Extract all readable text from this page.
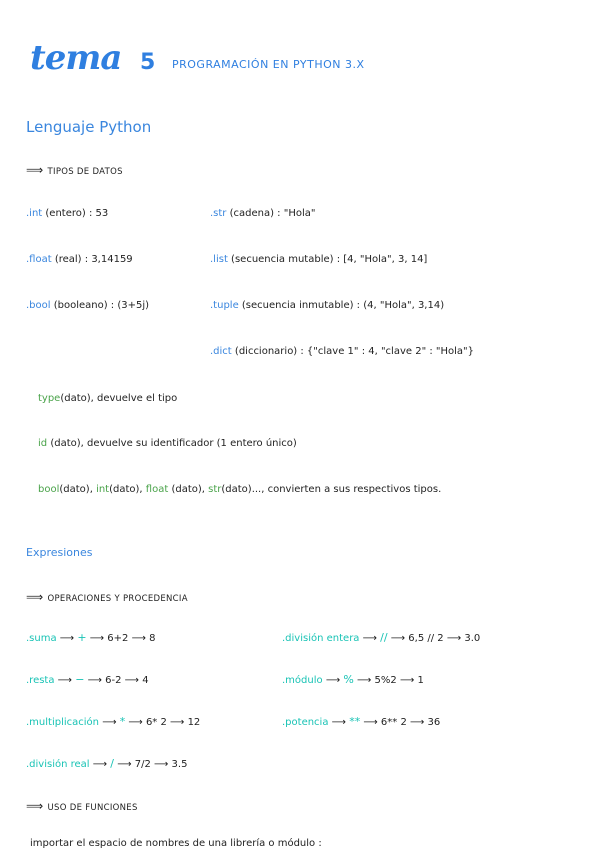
tema 5 PROGRAMACIÓN EN PYTHON 3.X
Lenguaje Python
⟹ TIPOS DE DATOS
.int (entero) : 53
.float (real) : 3,14159
.bool (booleano) : (3+5j)
.str (cadena) : "Hola"
.list (secuencia mutable) : [4, "Hola", 3, 14]
.tuple (secuencia inmutable) : (4, "Hola", 3,14)
.dict (diccionario) : {"clave 1" : 4, "clave 2" : "Hola"}
type(dato), devuelve el tipo
id (dato), devuelve su identificador (1 entero único)
bool(dato), int(dato), float (dato), str(dato)..., convierten a sus respectivos tipos.
Expresiones
⟹ OPERACIONES Y PROCEDENCIA
.suma ⟶ + ⟶ 6+2 ⟶ 8
.resta ⟶ − ⟶ 6-2 ⟶ 4
.multiplicación ⟶ * ⟶ 6* 2 ⟶ 12
.división real ⟶ / ⟶ 7/2 ⟶ 3.5
.división entera ⟶ // ⟶ 6,5 // 2 ⟶ 3.0
.módulo ⟶ % ⟶ 5%2 ⟶ 1
.potencia ⟶ ** ⟶ 6** 2 ⟶ 36
⟹ USO DE FUNCIONES
importar el espacio de nombres de una librería o módulo :
